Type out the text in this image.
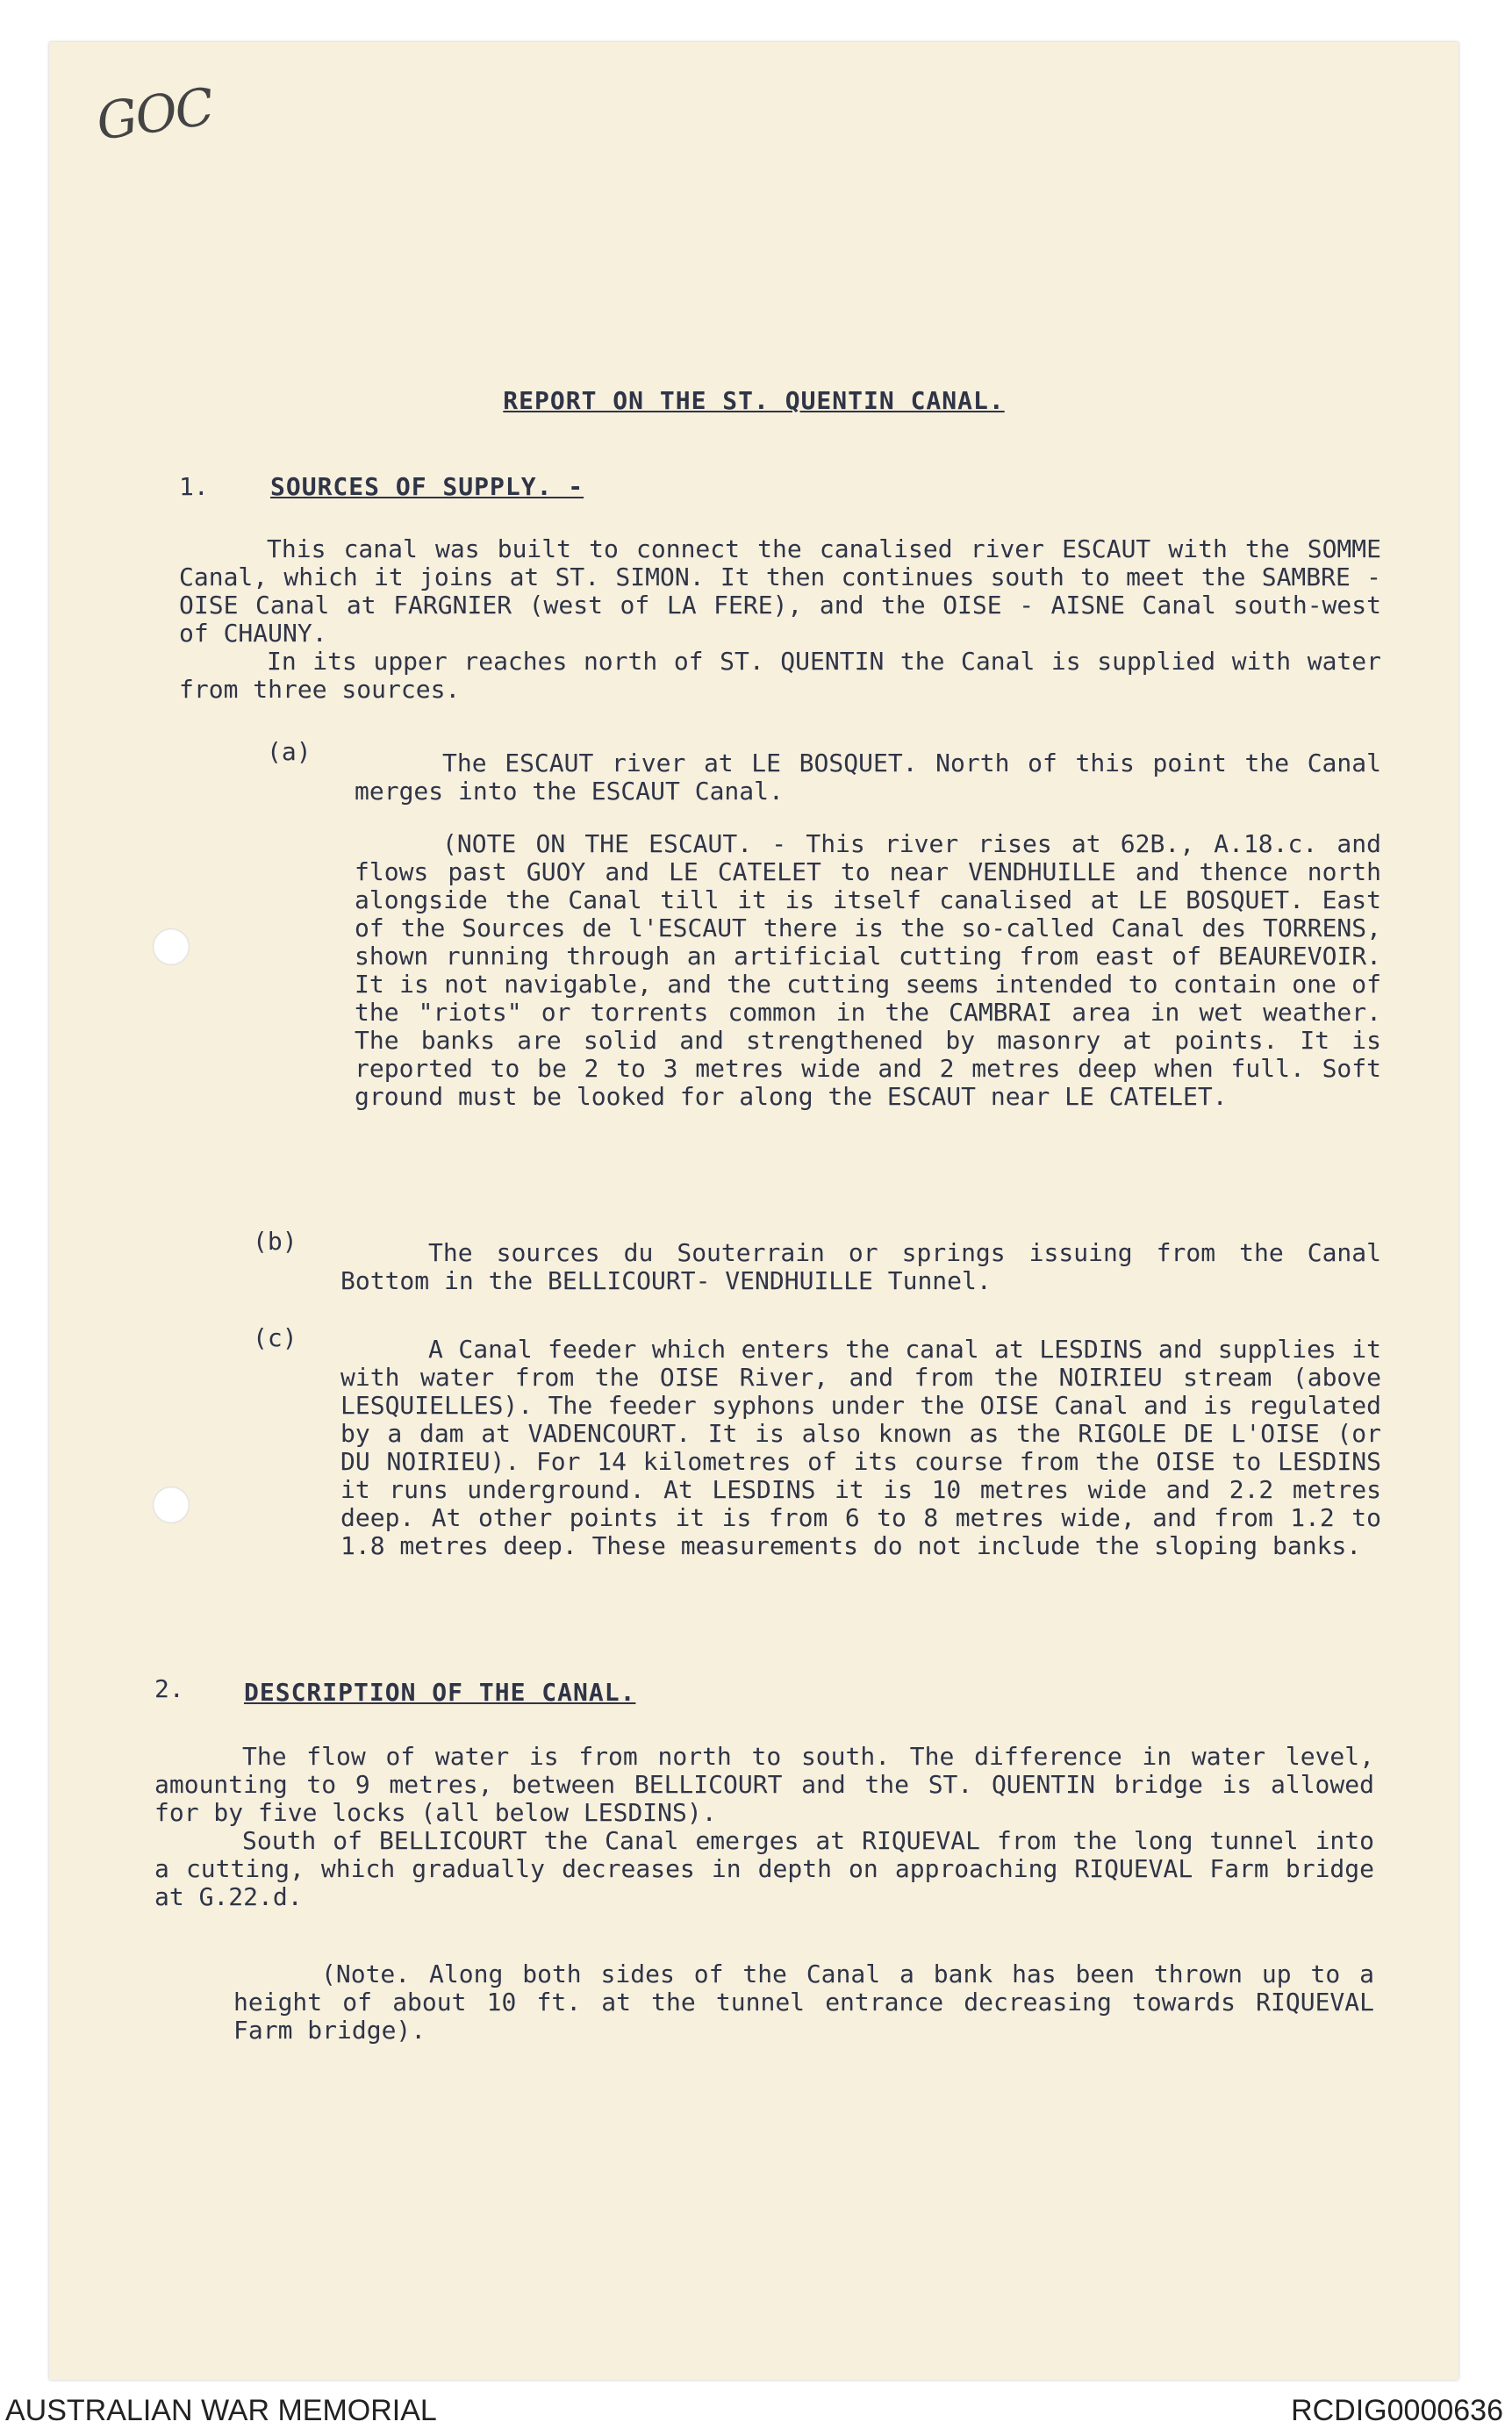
GOC
REPORT ON THE ST. QUENTIN CANAL.
1.	SOURCES OF SUPPLY. -

This canal was built to connect the canalised river ESCAUT with the SOMME Canal, which it joins at ST. SIMON. It then continues south to meet the SAMBRE - OISE Canal at FARGNIER (west of LA FERE), and the OISE - AISNE Canal south-west of CHAUNY.

In its upper reaches north of ST. QUENTIN the Canal is supplied with water from three sources.

(a)	The ESCAUT river at LE BOSQUET. North of this point the Canal merges into the ESCAUT Canal.

(NOTE ON THE ESCAUT. - This river rises at 62B., A.18.c. and flows past GUOY and LE CATELET to near VENDHUILLE and thence north alongside the Canal till it is itself canalised at LE BOSQUET. East of the Sources de l'ESCAUT there is the so-called Canal des TORRENS, shown running through an artificial cutting from east of BEAUREVOIR. It is not navigable, and the cutting seems intended to contain one of the "riots" or torrents common in the CAMBRAI area in wet weather. The banks are solid and strengthened by masonry at points. It is reported to be 2 to 3 metres wide and 2 metres deep when full. Soft ground must be looked for along the ESCAUT near LE CATELET.

(b)	The sources du Souterrain or springs issuing from the Canal Bottom in the BELLICOURT- VENDHUILLE Tunnel.

(c)	A Canal feeder which enters the canal at LESDINS and supplies it with water from the OISE River, and from the NOIRIEU stream (above LESQUIELLES). The feeder syphons under the OISE Canal and is regulated by a dam at VADENCOURT. It is also known as the RIGOLE DE L'OISE (or DU NOIRIEU). For 14 kilometres of its course from the OISE to LESDINS it runs underground. At LESDINS it is 10 metres wide and 2.2 metres deep. At other points it is from 6 to 8 metres wide, and from 1.2 to 1.8 metres deep. These measurements do not include the sloping banks.

2. DESCRIPTION OF THE CANAL.

The flow of water is from north to south. The difference in water level, amounting to 9 metres, between BELLICOURT and the ST. QUENTIN bridge is allowed for by five locks (all below LESDINS).

South of BELLICOURT the Canal emerges at RIQUEVAL from the long tunnel into a cutting, which gradually decreases in depth on approaching RIQUEVAL Farm bridge at G.22.d.

(Note. Along both sides of the Canal a bank has been thrown up to a height of about 10 ft. at the tunnel entrance decreasing towards RIQUEVAL Farm bridge).

AUSTRALIAN WAR MEMORIAL	RCDIG0000636
